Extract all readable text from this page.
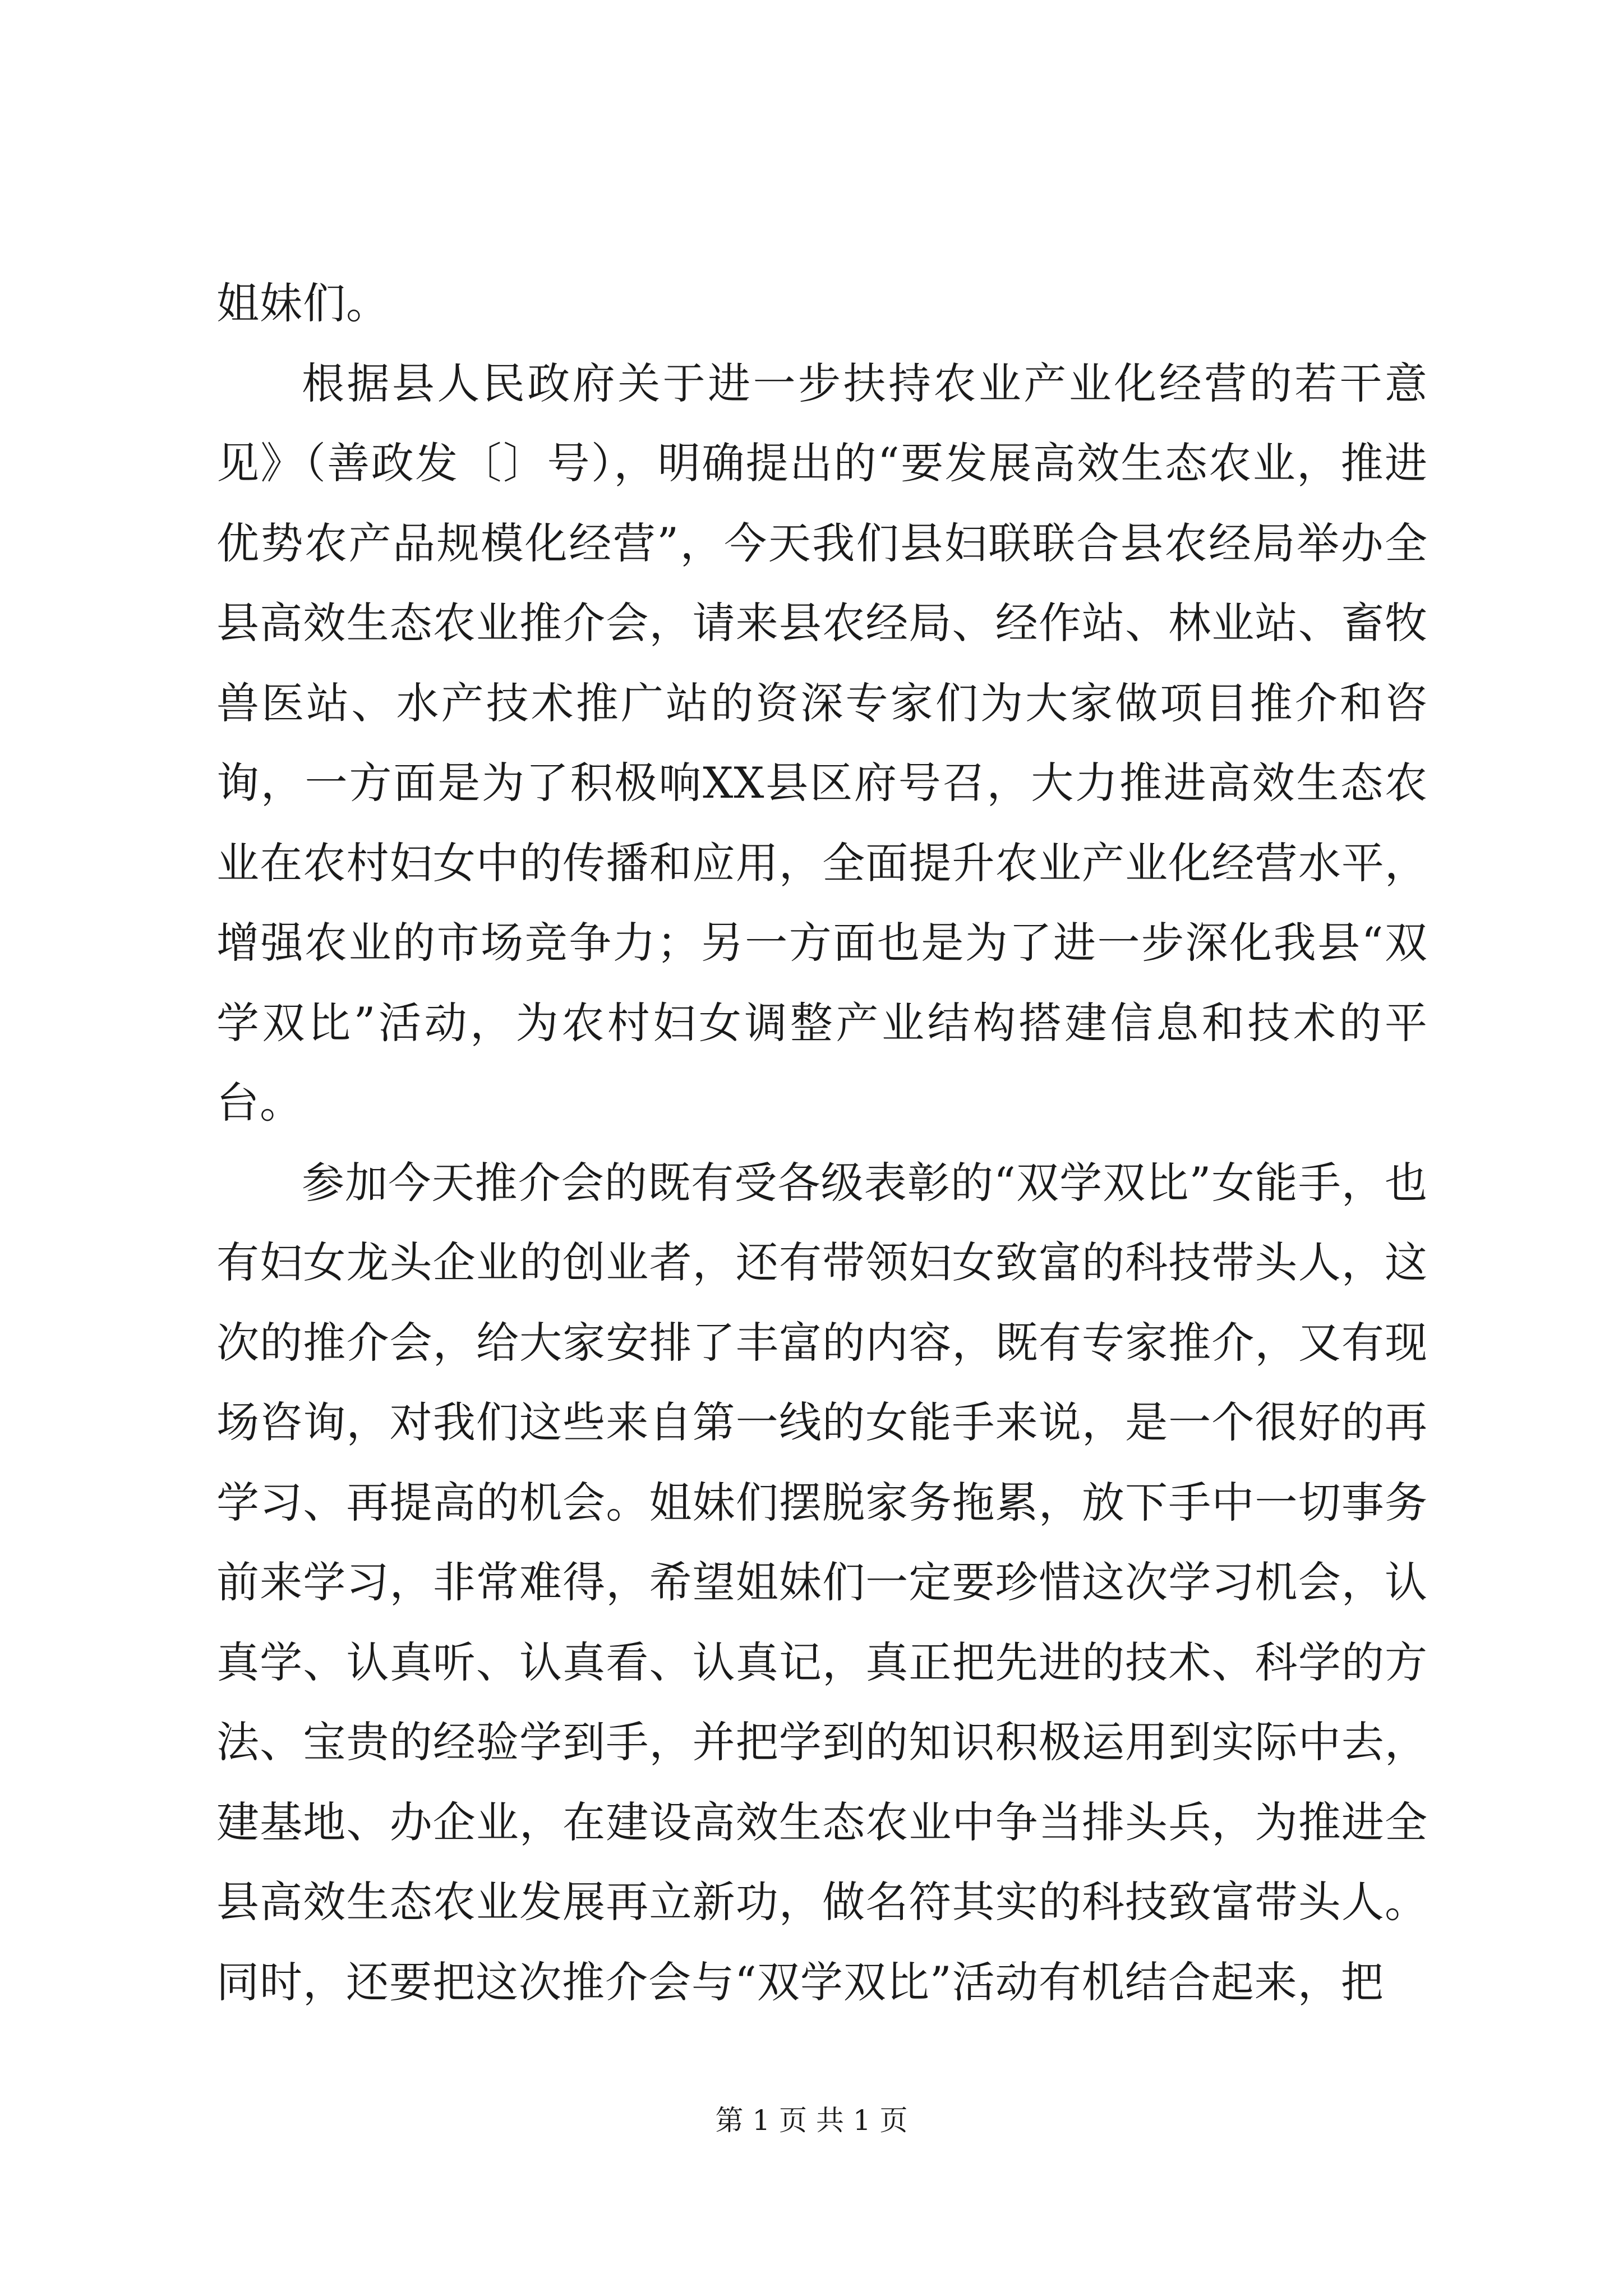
姐妹们。

根据县人民政府关于进一步扶持农业产业化经营的若干意见》（善政发〔〕号），明确提出的“要发展高效生态农业，推进优势农产品规模化经营”，今天我们县妇联联合县农经局举办全县高效生态农业推介会，请来县农经局、经作站、林业站、畜牧兽医站、水产技术推广站的资深专家们为大家做项目推介和咨询，一方面是为了积极响XX县区府号召，大力推进高效生态农业在农村妇女中的传播和应用，全面提升农业产业化经营水平，增强农业的市场竞争力；另一方面也是为了进一步深化我县“双学双比”活动，为农村妇女调整产业结构搭建信息和技术的平台。

参加今天推介会的既有受各级表彰的“双学双比”女能手，也有妇女龙头企业的创业者，还有带领妇女致富的科技带头人，这次的推介会，给大家安排了丰富的内容，既有专家推介，又有现场咨询，对我们这些来自第一线的女能手来说，是一个很好的再学习、再提高的机会。姐妹们摆脱家务拖累，放下手中一切事务前来学习，非常难得，希望姐妹们一定要珍惜这次学习机会，认真学、认真听、认真看、认真记，真正把先进的技术、科学的方法、宝贵的经验学到手，并把学到的知识积极运用到实际中去，建基地、办企业，在建设高效生态农业中争当排头兵，为推进全县高效生态农业发展再立新功，做名符其实的科技致富带头人。同时，还要把这次推介会与“双学双比”活动有机结合起来，把

第 1 页 共 1 页
